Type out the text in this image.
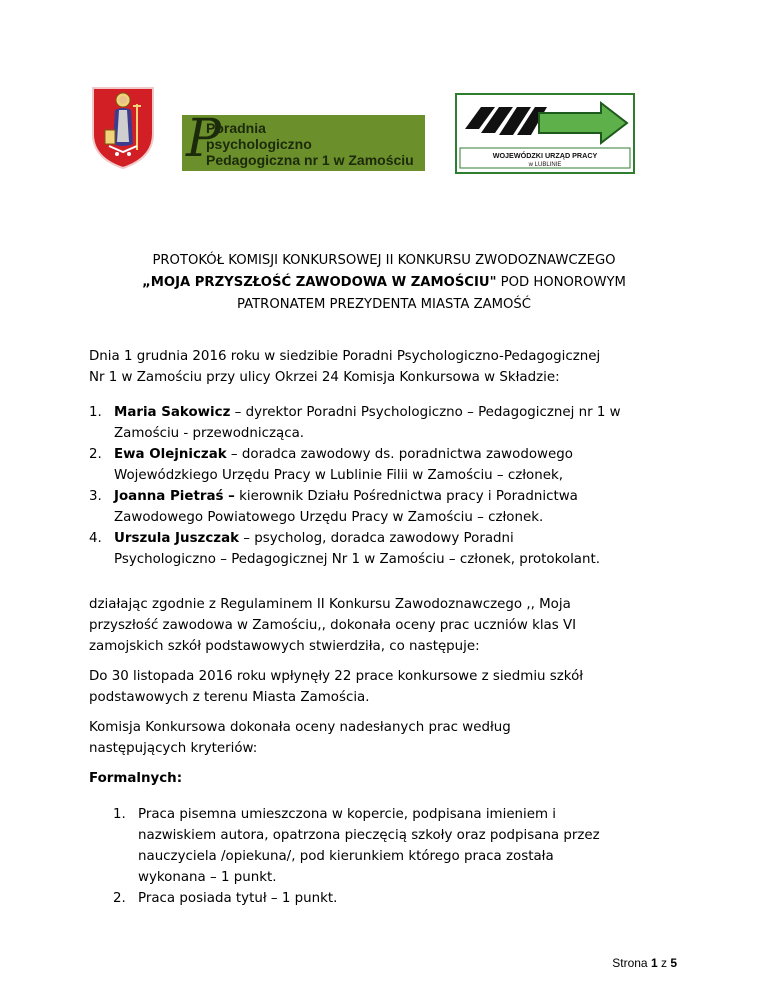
P
Poradnia
psychologiczno
Pedagogiczna nr 1 w Zamościu	WOJEWÓDZKI URZĄD PRACY
w LUBLINIE
PROTOKÓŁ KOMISJI KONKURSOWEJ II KONKURSU ZWODOZNAWCZEGO
„MOJA PRZYSZŁOŚĆ ZAWODOWA W ZAMOŚCIU" POD HONOROWYM
PATRONATEM PREZYDENTA MIASTA ZAMOŚĆ
Dnia 1 grudnia 2016 roku w siedzibie Poradni Psychologiczno-Pedagogicznej
Nr 1 w Zamościu przy ulicy Okrzei 24 Komisja Konkursowa w Składzie:
1. Maria Sakowicz – dyrektor Poradni Psychologiczno – Pedagogicznej nr 1 w
Zamościu - przewodnicząca.
2. Ewa Olejniczak – doradca zawodowy ds. poradnictwa zawodowego
Wojewódzkiego Urzędu Pracy w Lublinie Filii w Zamościu – członek,
3. Joanna Pietraś – kierownik Działu Pośrednictwa pracy i Poradnictwa
Zawodowego Powiatowego Urzędu Pracy w Zamościu – członek.
4. Urszula Juszczak – psycholog, doradca zawodowy Poradni
Psychologiczno – Pedagogicznej Nr 1 w Zamościu – członek, protokolant.
działając zgodnie z Regulaminem II Konkursu Zawodoznawczego ,, Moja
przyszłość zawodowa w Zamościu,, dokonała oceny prac uczniów klas VI
zamojskich szkół podstawowych stwierdziła, co następuje:
Do 30 listopada 2016 roku wpłynęły 22 prace konkursowe z siedmiu szkół
podstawowych z terenu Miasta Zamościa.
Komisja Konkursowa dokonała oceny nadesłanych prac według
następujących kryteriów:
Formalnych:
1. Praca pisemna umieszczona w kopercie, podpisana imieniem i
nazwiskiem autora, opatrzona pieczęcią szkoły oraz podpisana przez
nauczyciela /opiekuna/, pod kierunkiem którego praca została
wykonana – 1 punkt.
2. Praca posiada tytuł – 1 punkt.
Strona 1 z 5
